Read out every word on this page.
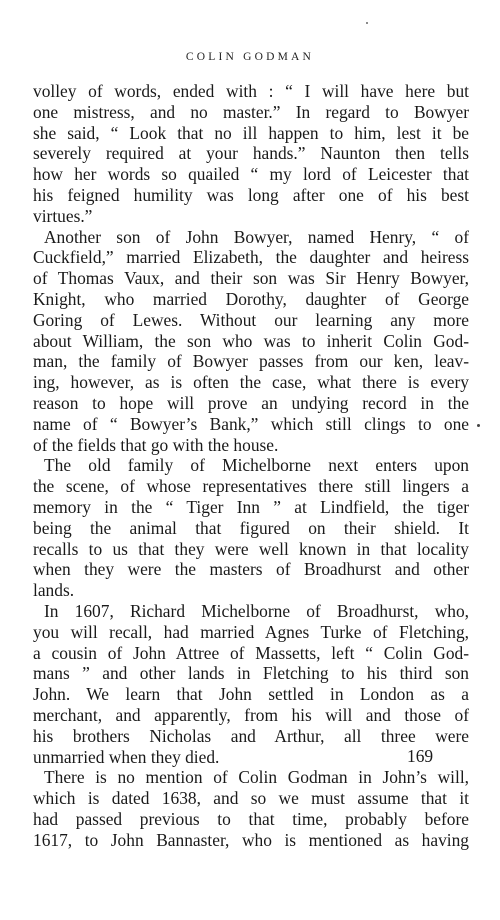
COLIN GODMAN
volley of words, ended with : “ I will have here but
one mistress, and no master.” In regard to Bowyer
she said, “ Look that no ill happen to him, lest it be
severely required at your hands.” Naunton then tells
how her words so quailed “ my lord of Leicester that
his feigned humility was long after one of his best
virtues.”
Another son of John Bowyer, named Henry, “ of
Cuckfield,” married Elizabeth, the daughter and heiress
of Thomas Vaux, and their son was Sir Henry Bowyer,
Knight, who married Dorothy, daughter of George
Goring of Lewes. Without our learning any more
about William, the son who was to inherit Colin God-
man, the family of Bowyer passes from our ken, leav-
ing, however, as is often the case, what there is every
reason to hope will prove an undying record in the
name of “ Bowyer’s Bank,” which still clings to one
of the fields that go with the house.
The old family of Michelborne next enters upon
the scene, of whose representatives there still lingers a
memory in the “ Tiger Inn ” at Lindfield, the tiger
being the animal that figured on their shield. It
recalls to us that they were well known in that locality
when they were the masters of Broadhurst and other
lands.
In 1607, Richard Michelborne of Broadhurst, who,
you will recall, had married Agnes Turke of Fletching,
a cousin of John Attree of Massetts, left “ Colin God-
mans ” and other lands in Fletching to his third son
John. We learn that John settled in London as a
merchant, and apparently, from his will and those of
his brothers Nicholas and Arthur, all three were
unmarried when they died.
There is no mention of Colin Godman in John’s will,
which is dated 1638, and so we must assume that it
had passed previous to that time, probably before
1617, to John Bannaster, who is mentioned as having
169
